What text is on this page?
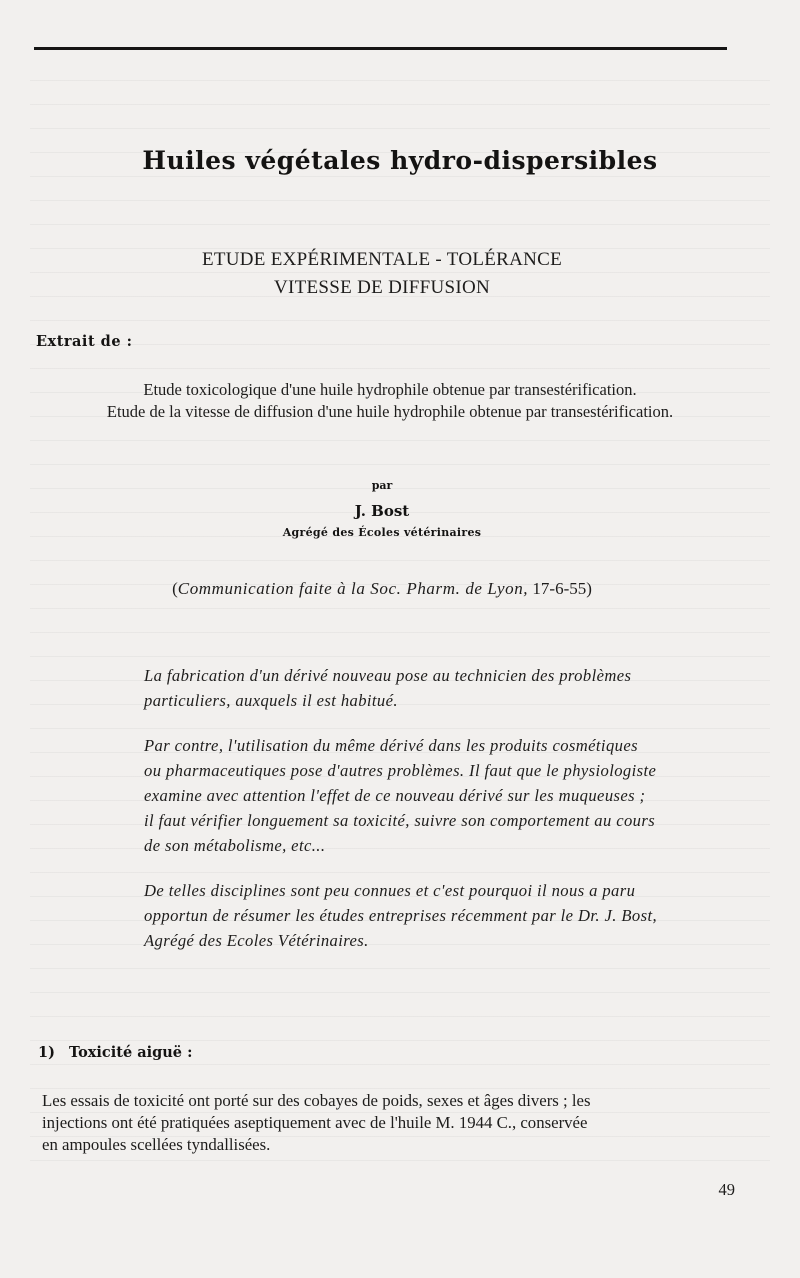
Huiles végétales hydro-dispersibles
ETUDE EXPÉRIMENTALE - TOLÉRANCE
VITESSE DE DIFFUSION
Extrait de :
Etude toxicologique d'une huile hydrophile obtenue par transestérification.
Etude de la vitesse de diffusion d'une huile hydrophile obtenue par transestérification.
par
J. Bost
Agrégé des Écoles vétérinaires
(Communication faite à la Soc. Pharm. de Lyon, 17-6-55)
La fabrication d'un dérivé nouveau pose au technicien des problèmes
particuliers, auxquels il est habitué.
Par contre, l'utilisation du même dérivé dans les produits cosmétiques
ou pharmaceutiques pose d'autres problèmes. Il faut que le physiologiste
examine avec attention l'effet de ce nouveau dérivé sur les muqueuses ;
il faut vérifier longuement sa toxicité, suivre son comportement au cours
de son métabolisme, etc...
De telles disciplines sont peu connues et c'est pourquoi il nous a paru
opportun de résumer les études entreprises récemment par le Dr. J. Bost,
Agrégé des Ecoles Vétérinaires.
1) Toxicité aiguë :
Les essais de toxicité ont porté sur des cobayes de poids, sexes et âges divers ; les
injections ont été pratiquées aseptiquement avec de l'huile M. 1944 C., conservée
en ampoules scellées tyndallisées.
49
